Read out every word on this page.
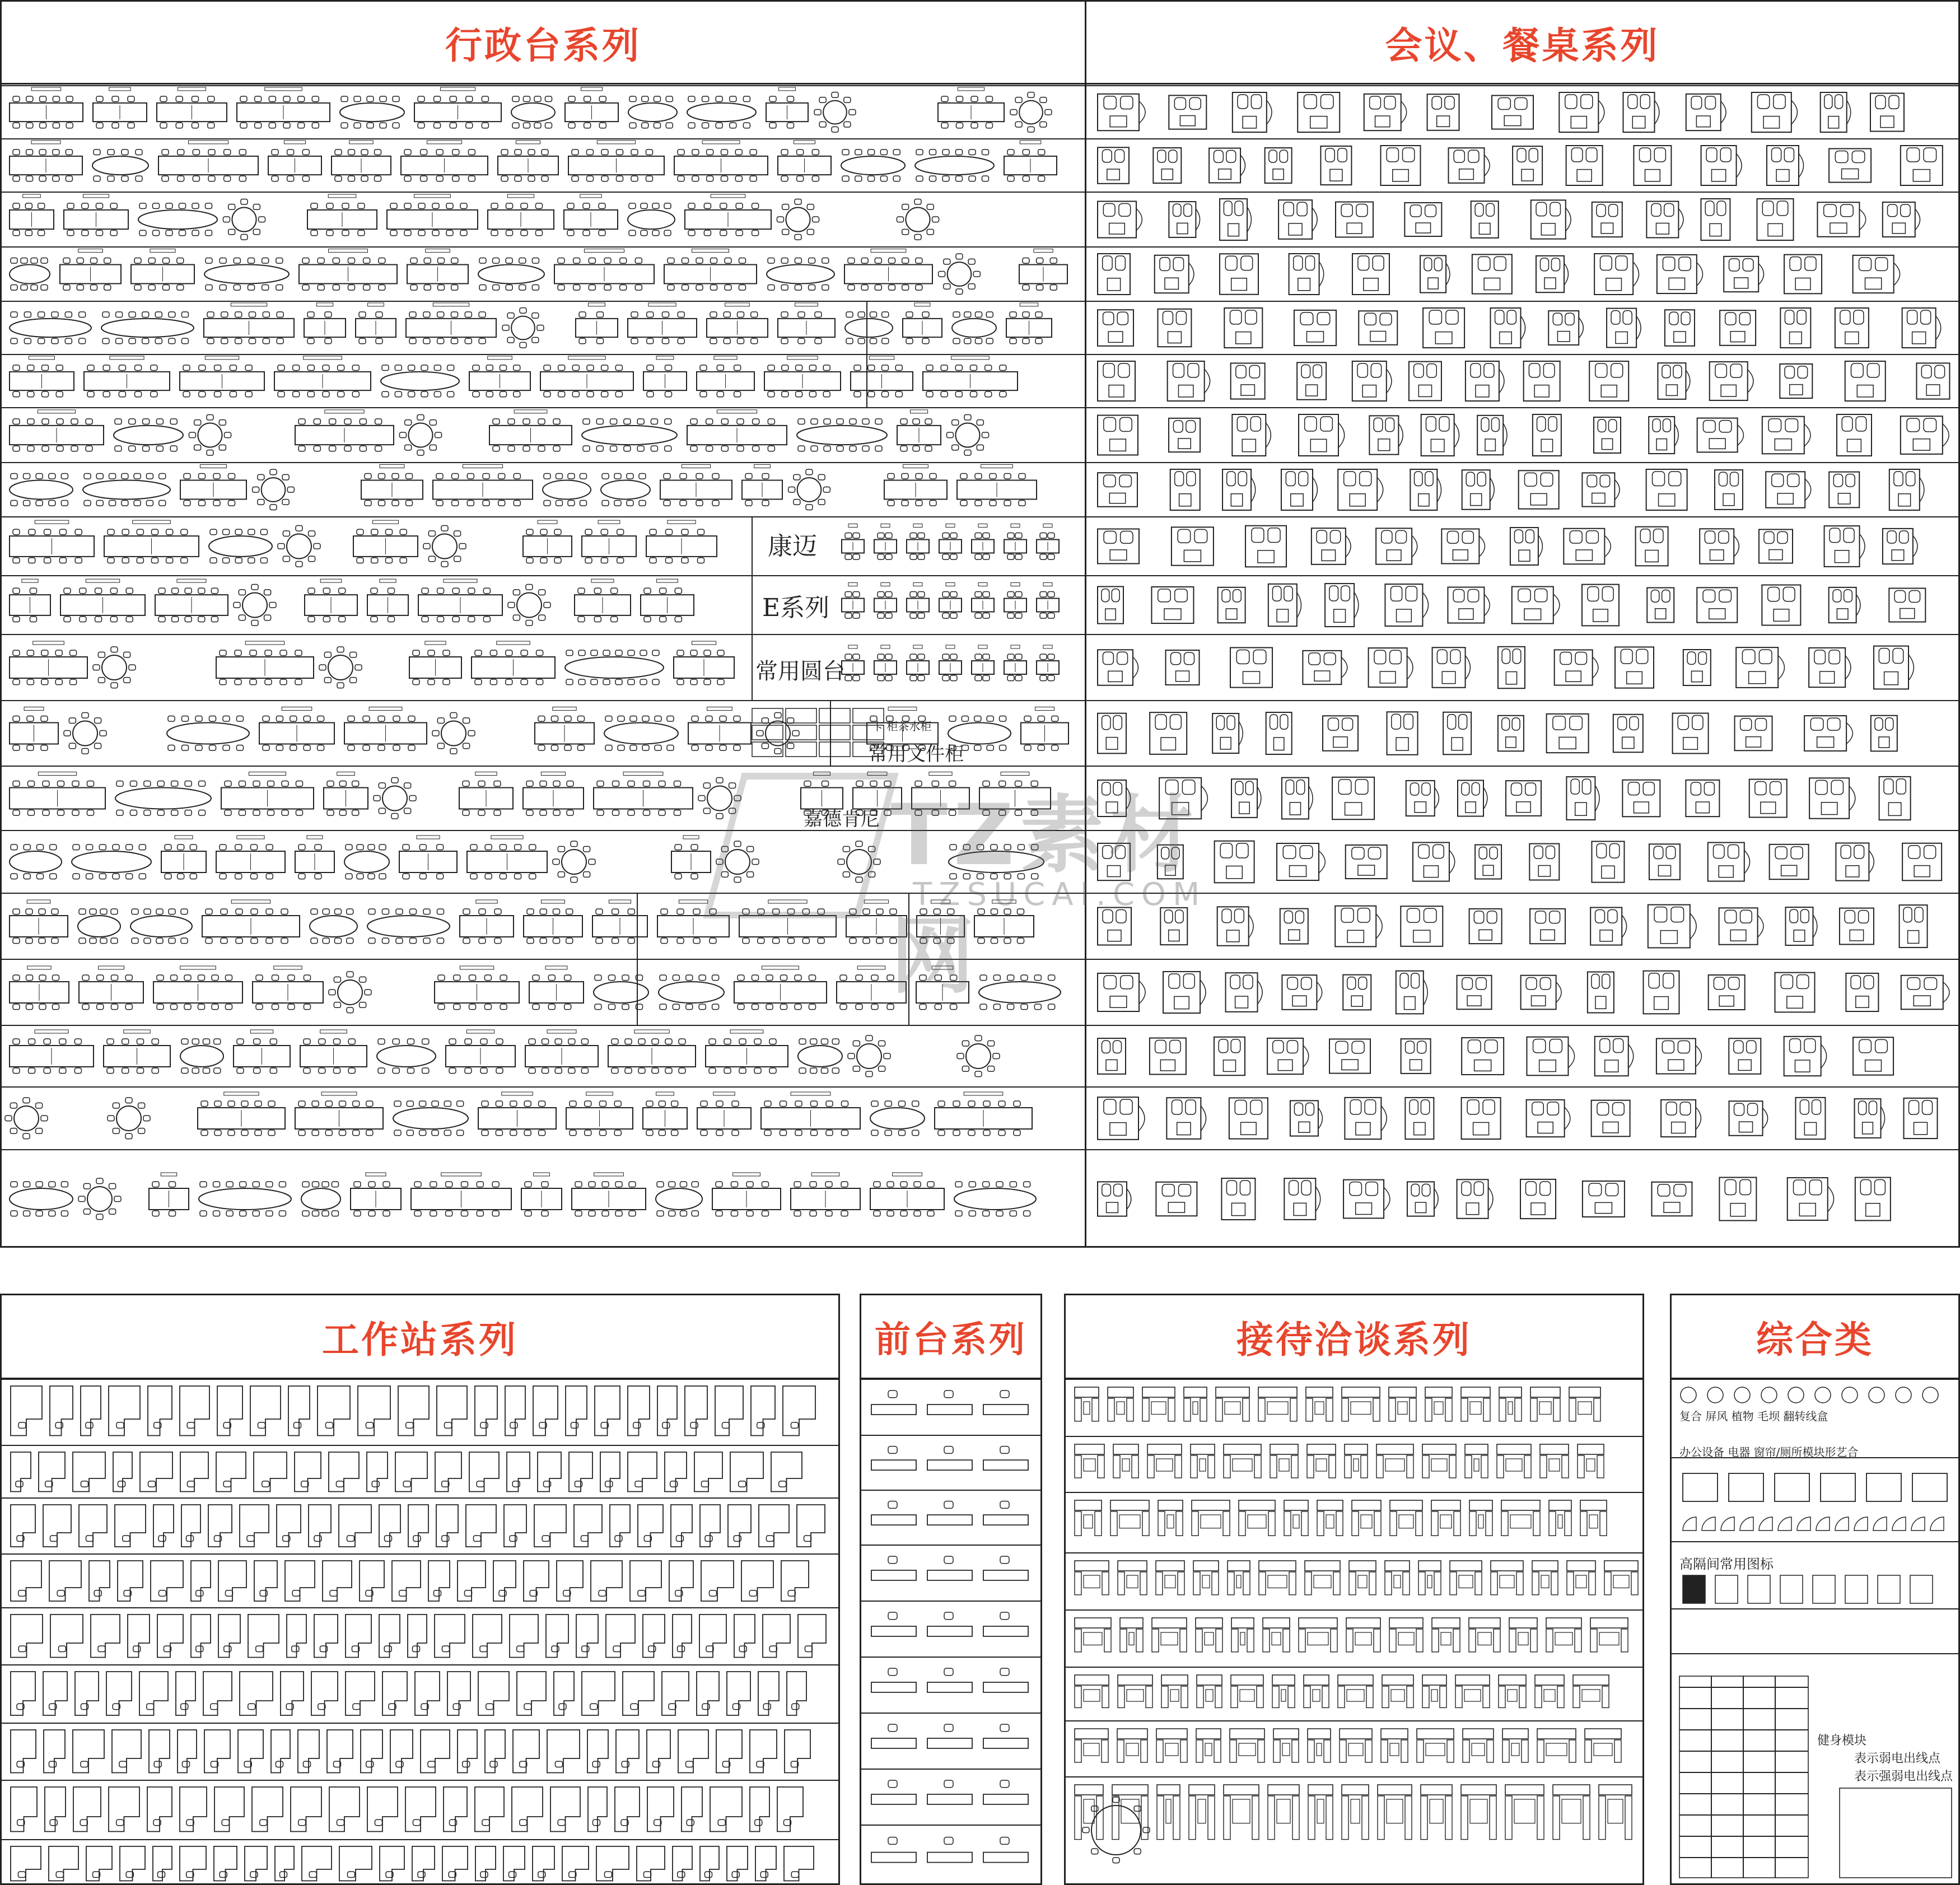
行政台系列
康迈
E系列
常用圆台
常用文件柜
卡 柜茶水柜
嘉德肯尼
会议、餐桌系列
工作站系列	前台系列	接待洽谈系列	综合类
复合 屏风 植物 毛坝 翻转线盒
办公设备 电器 窗帘/厕所模块形艺合
高隔间常用图标
健身模块
表示弱电出线点
表示强弱电出线点
TZ素材网
TZSUCAI.COM
